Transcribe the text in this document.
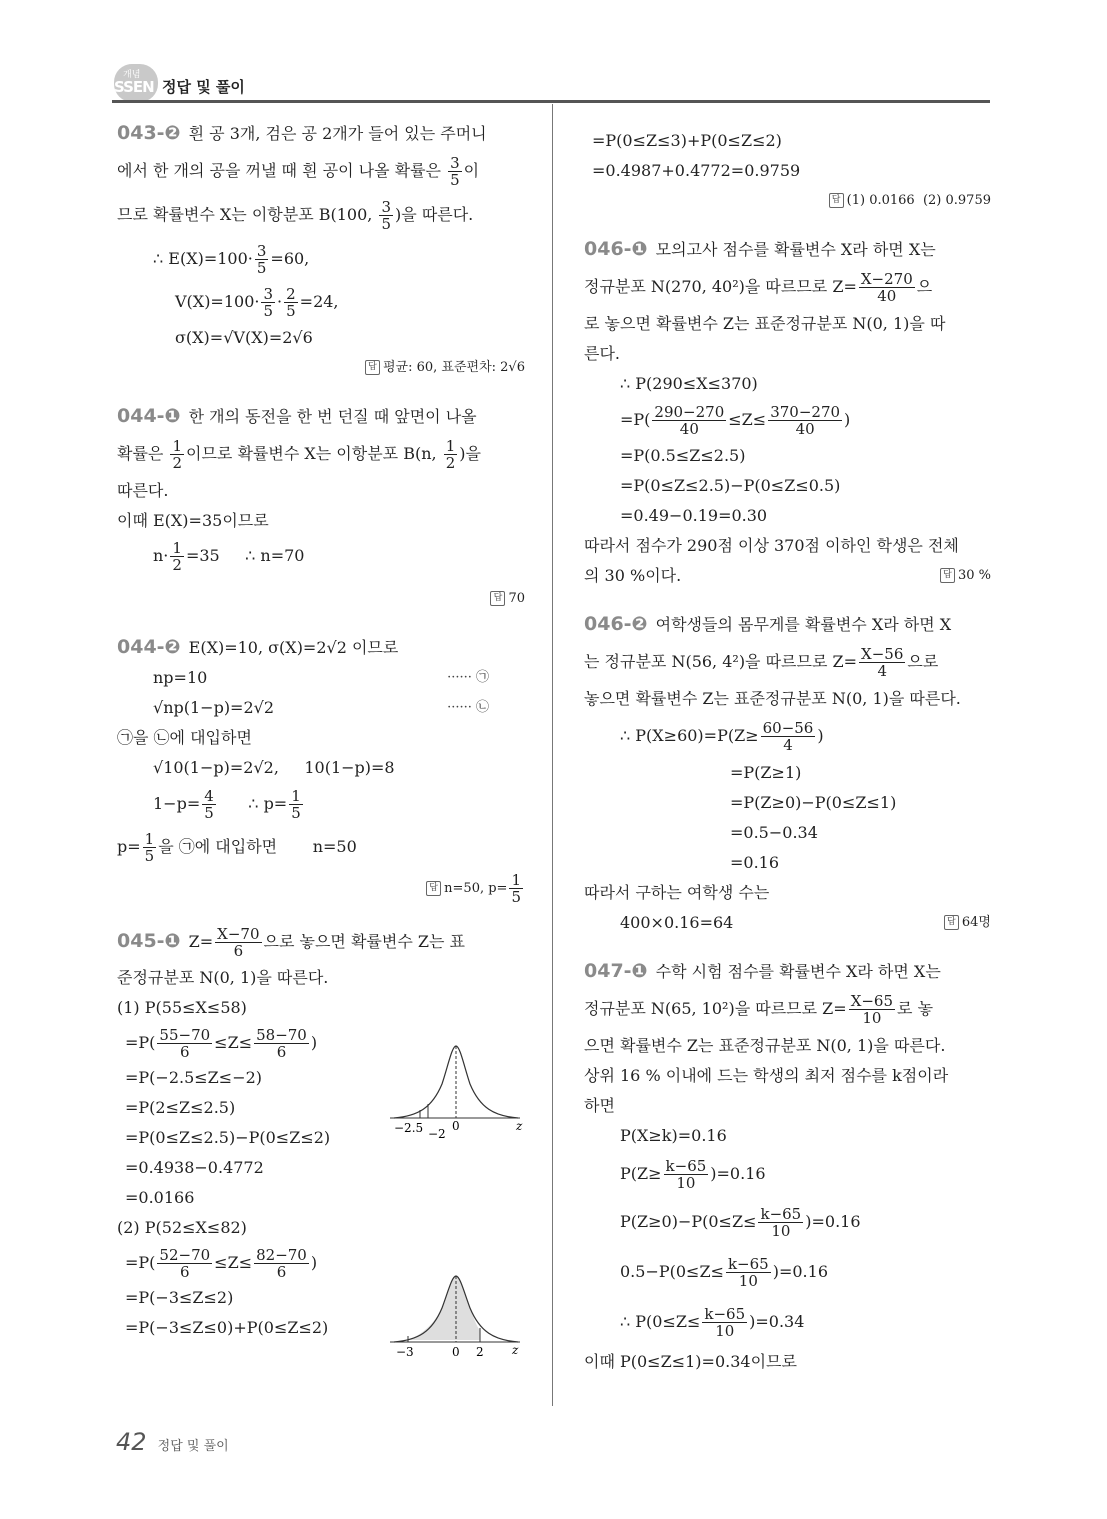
개념
SSEN 정답 및 풀이
043-❷ 흰 공 3개, 검은 공 2개가 들어 있는 주머니
에서 한 개의 공을 꺼낼 때 흰 공이 나올 확률은 $\frac{3}{5}$ 이
므로 확률변수 X는 이항분포 B(100, $\frac{3}{5}$ )을 따른다.
∴ $E(X)=100\cdot \frac{3}{5} =60$,
$V(X)=100\cdot \frac{3}{5} \cdot \frac{2}{5} =24$,
σ(X)=√V(X)=2√6
답 평균: 60, 표준편차: 2√6
044-❶ 한 개의 동전을 한 번 던질 때 앞면이 나올
확률은 $\frac{1}{2}$ 이므로 확률변수 X는 이항분포 B(n, $\frac{1}{2}$ )을
따른다.
이때 E(X)=35이므로
$n\cdot \frac{1}{2} =35$     ∴ n=70
답 70
044-❷ E(X)=10, σ(X)=2√2 이므로
np=10	······ ㉠
√np(1−p)=2√2	······ ㉡
㉠을 ㉡에 대입하면
√10(1−p)=2√2,     10(1−p)=8
$1-p= \frac{4}{5}$ ∴ $p= \frac{1}{5}$
$p= \frac{1}{5}$ 을 ㉠에 대입하면       n=50
답 n=50, $p= \frac{1}{5}$
045-❶ $Z= \frac{X-70}{6}$ 으로 놓으면 확률변수 Z는 표
준정규분포 N(0, 1)을 따른다.
(1) P(55≤X≤58)
$=P( \frac{55-70}{6} \le Z\le \frac{58-70}{6}$ )
=P(−2.5≤Z≤−2)
=P(2≤Z≤2.5)
=P(0≤Z≤2.5)−P(0≤Z≤2)
=0.4938−0.4772
=0.0166
(2) P(52≤X≤82)
$=P( \frac{52-70}{6} \le Z\le \frac{82-70}{6}$ )
=P(−3≤Z≤2)
=P(−3≤Z≤0)+P(0≤Z≤2)
−2.5 −2
0	z
−3	0 2 z
=P(0≤Z≤3)+P(0≤Z≤2)
=0.4987+0.4772=0.9759
답 (1) 0.0166  (2) 0.9759
046-❶ 모의고사 점수를 확률변수 X라 하면 X는
정규분포 N(270, 40²)을 따르므로 $Z= \frac{X-270}{40}$ 으
로 놓으면 확률변수 Z는 표준정규분포 N(0, 1)을 따
른다.
∴ P(290≤X≤370)
$=P( \frac{290-270}{40} \le Z\le \frac{370-270}{40}$ )
=P(0.5≤Z≤2.5)
=P(0≤Z≤2.5)−P(0≤Z≤0.5)
=0.49−0.19=0.30
따라서 점수가 290점 이상 370점 이하인 학생은 전체
의 30 %이다.	답 30 %
046-❷ 여학생들의 몸무게를 확률변수 X라 하면 X
는 정규분포 N(56, 4²)을 따르므로 $Z= \frac{X-56}{4}$ 으로
놓으면 확률변수 Z는 표준정규분포 N(0, 1)을 따른다.
∴ $P(X\ge 60)=P(Z\ge \frac{60-56}{4}$ )
=P(Z≥1)
=P(Z≥0)−P(0≤Z≤1)
=0.5−0.34
=0.16
따라서 구하는 여학생 수는
400×0.16=64	답 64명
047-❶ 수학 시험 점수를 확률변수 X라 하면 X는
정규분포 N(65, 10²)을 따르므로 $Z= \frac{X-65}{10}$ 로 놓
으면 확률변수 Z는 표준정규분포 N(0, 1)을 따른다.
상위 16 % 이내에 드는 학생의 최저 점수를 k점이라
하면
P(X≥k)=0.16
$P(Z\ge \frac{k-65}{10} )=0.16$
$P(Z\ge 0)-P(0\le Z\le \frac{k-65}{10} )=0.16$
$0.5-P(0\le Z\le \frac{k-65}{10} )=0.16$
∴ $P(0\le Z\le \frac{k-65}{10} )=0.34$
이때 P(0≤Z≤1)=0.34이므로
42 정답 및 풀이
